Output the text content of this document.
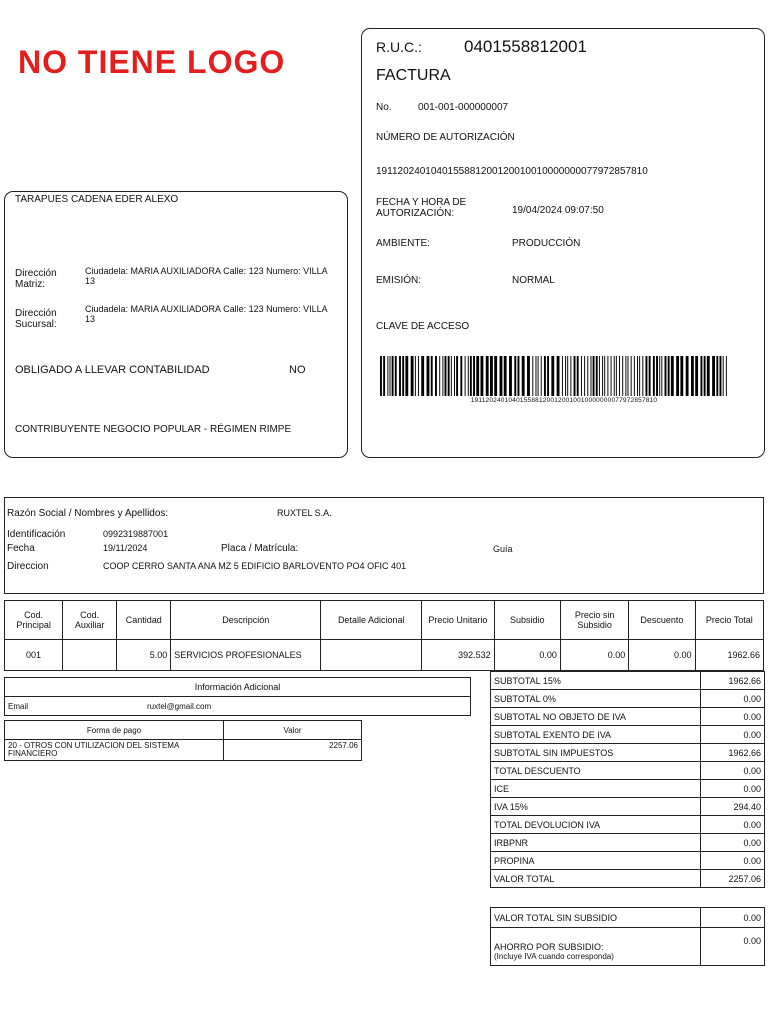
NO TIENE LOGO
TARAPUES CADENA EDER ALEXO
Dirección Matriz:
Ciudadela: MARIA AUXILIADORA Calle: 123 Numero: VILLA 13
Dirección Sucursal:
Ciudadela: MARIA AUXILIADORA Calle: 123 Numero: VILLA 13
OBLIGADO A LLEVAR CONTABILIDAD	NO
CONTRIBUYENTE NEGOCIO POPULAR - RÉGIMEN RIMPE
R.U.C.: 0401558812001
FACTURA
No.	001-001-000000007
NÚMERO DE AUTORIZACIÓN
1911202401040155881200120010010000000077972857810
FECHA Y HORA DE AUTORIZACIÓN:	19/04/2024 09:07:50
AMBIENTE:	PRODUCCIÓN
EMISIÓN:	NORMAL
CLAVE DE ACCESO
1911202401040155881200120010010000000077972857810
Razón Social / Nombres y Apellidos:	RUXTEL S.A.
Identificación	0992319887001
Fecha	19/11/2024	Placa / Matrícula:	Guía
Direccion	COOP CERRO SANTA ANA MZ 5 EDIFICIO BARLOVENTO PO4 OFIC 401
Cod. Principal	Cod. Auxiliar	Cantidad	Descripción	Detalle Adicional	Precio Unitario	Subsidio	Precio sin Subsidio	Descuento	Precio Total
001		5.00	SERVICIOS PROFESIONALES		392.532	0.00	0.00	0.00	1962.66
Información Adicional
Email	ruxtel@gmail.com
Forma de pago	Valor
20 - OTROS CON UTILIZACION DEL SISTEMA FINANCIERO	2257.06
SUBTOTAL 15%	1962.66
SUBTOTAL 0%	0.00
SUBTOTAL NO OBJETO DE IVA	0.00
SUBTOTAL EXENTO DE IVA	0.00
SUBTOTAL SIN IMPUESTOS	1962.66
TOTAL DESCUENTO	0.00
ICE	0.00
IVA 15%	294.40
TOTAL DEVOLUCION IVA	0.00
IRBPNR	0.00
PROPINA	0.00
VALOR TOTAL	2257.06
VALOR TOTAL SIN SUBSIDIO	0.00

AHORRO POR SUBSIDIO:
(Incluye IVA cuando corresponda)	0.00
